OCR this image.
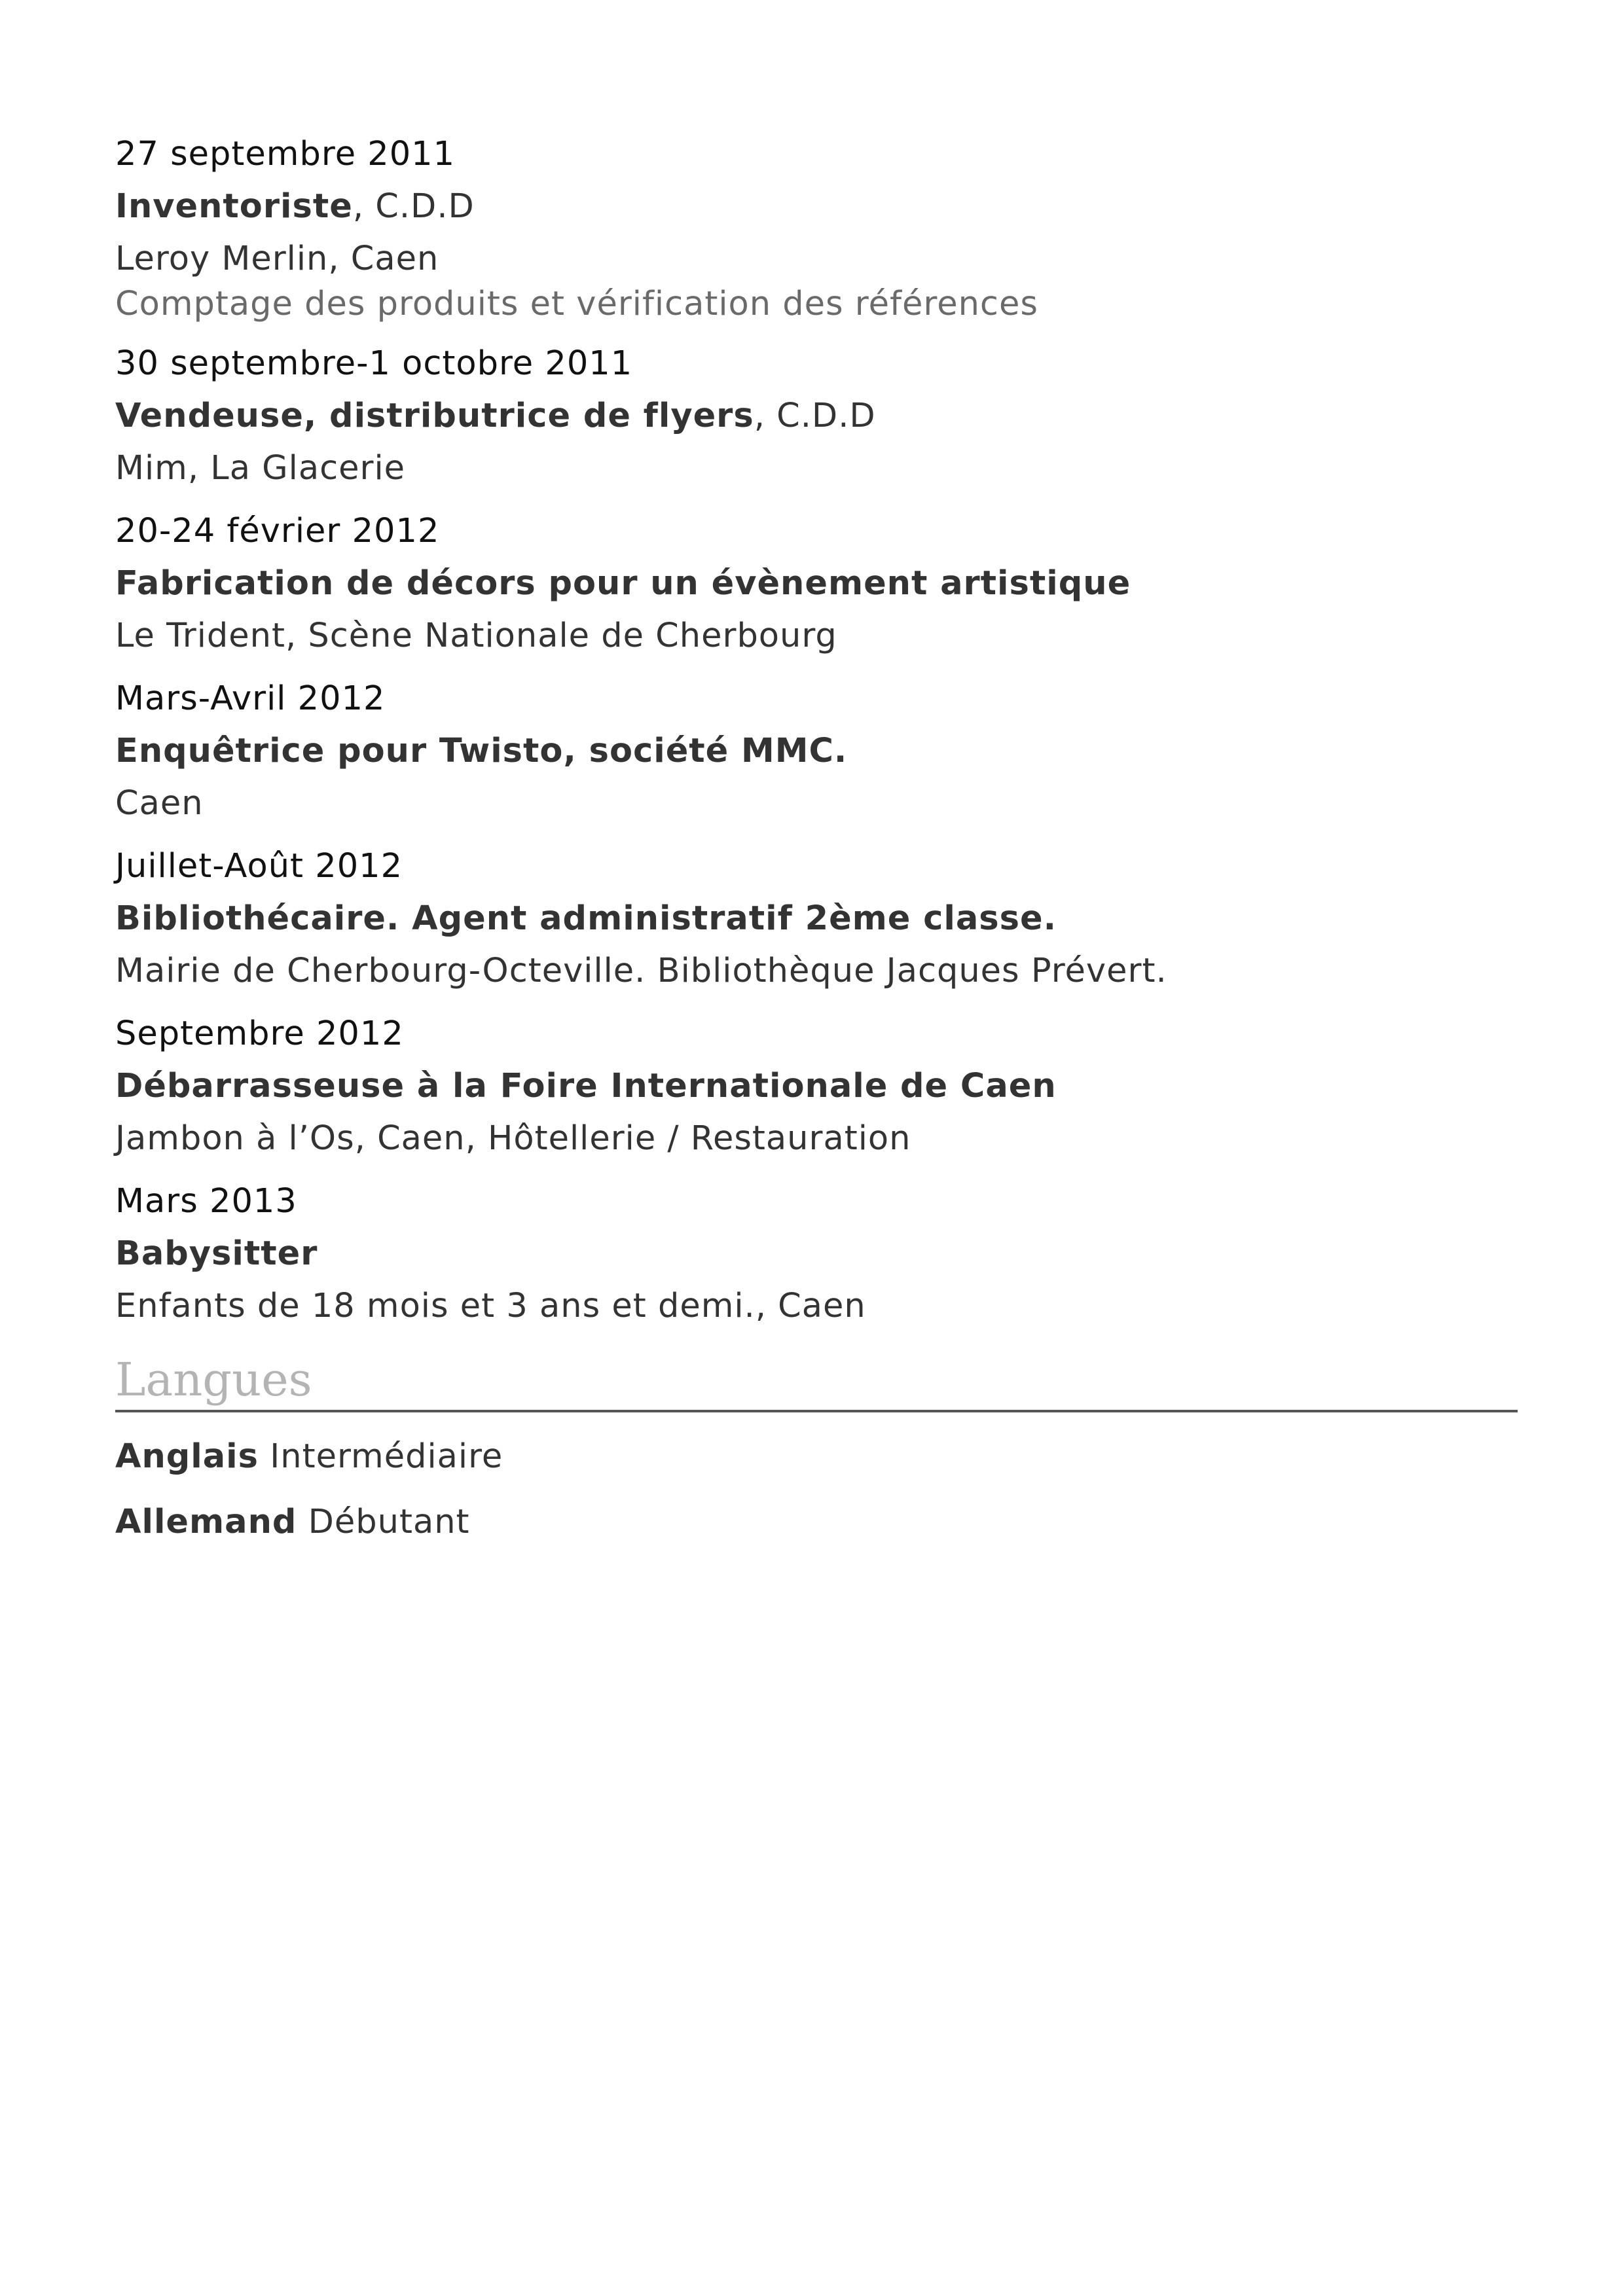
27 septembre 2011
Inventoriste, C.D.D
Leroy Merlin, Caen
Comptage des produits et vérification des références
30 septembre-1 octobre 2011
Vendeuse, distributrice de flyers, C.D.D
Mim, La Glacerie
20-24 février 2012
Fabrication de décors pour un évènement artistique
Le Trident, Scène Nationale de Cherbourg
Mars-Avril 2012
Enquêtrice pour Twisto, société MMC.
Caen
Juillet-Août 2012
Bibliothécaire. Agent administratif 2ème classe.
Mairie de Cherbourg-Octeville. Bibliothèque Jacques Prévert.
Septembre 2012
Débarrasseuse à la Foire Internationale de Caen
Jambon à l’Os, Caen, Hôtellerie / Restauration
Mars 2013
Babysitter
Enfants de 18 mois et 3 ans et demi., Caen
Langues
Anglais Intermédiaire
Allemand Débutant
